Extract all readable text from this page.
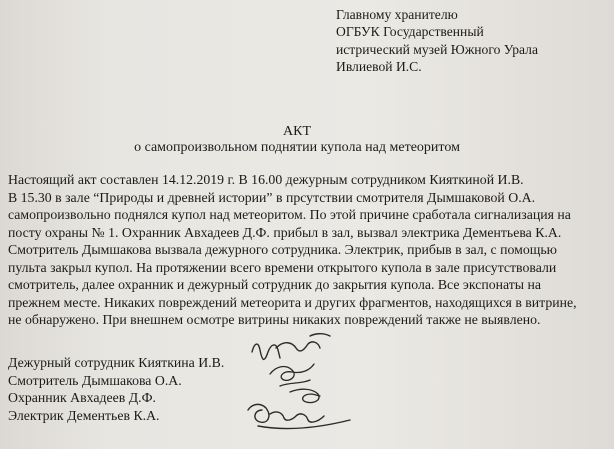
Главному хранителю
ОГБУК Государственный
истрический музей Южного Урала
Ивлиевой И.С.
АКТ
о самопроизвольном поднятии купола над метеоритом
Настоящий акт составлен 14.12.2019 г. В 16.00 дежурным сотрудником Кияткиной И.В.
В 15.30 в зале “Природы и древней истории” в прсутствии смотрителя Дымшаковой О.А.
самопроизвольно поднялся купол над метеоритом. По этой причине сработала сигнализация на
посту охраны № 1. Охранник Авхадеев Д.Ф. прибыл в зал, вызвал электрика Дементьева К.А.
Смотритель Дымшакова вызвала дежурного сотрудника. Электрик, прибыв в зал, с помощью
пульта закрыл купол. На протяжении всего времени открытого купола в зале присутствовали
смотритель, далее охранник и дежурный сотрудник до закрытия купола. Все экспонаты на
прежнем месте. Никаких повреждений метеорита и других фрагментов, находящихся в витрине,
не обнаружено. При внешнем осмотре витрины никаких повреждений также не выявлено.
Дежурный сотрудник Кияткина И.В.
Смотритель Дымшакова О.А.
Охранник Авхадеев Д.Ф.
Электрик Дементьев К.А.
